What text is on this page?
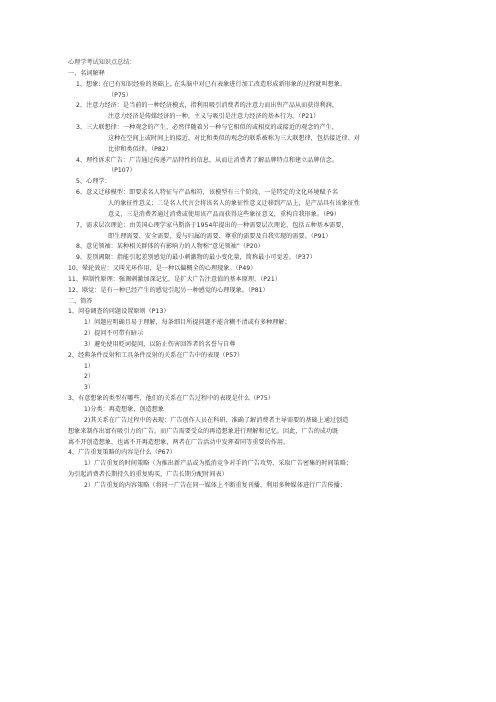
心理学考试知识点总结：
一、名词解释
1、想象: 在已有知识经验的基础上, 在头脑中对已有表象进行加工改造形成新形象的过程就叫想象。
（P75）
2、注意力经济：是当前的一种经济模式，指利用吸引消费者的注意力而出售产品从而获得利润，
注意力经济是传媒经济的一种，主义与吸引是注意力经济的基本行为。（P21）
3、三大联想律：一种观念的产生，必然伴随着另一种与它相似的或相反的或接近的观念的产生，
这种在空间上或时间上的接近、对比和类似的观念的联系被称为三大联想律，包括接近律、对
比律和类似律。（P82）
4、理性诉求广告：广告通过传递产品特性的信息，从而让消费者了解品牌特点和建立品牌信念。
（P107）
5、心理学：
6、意义迁移模型：即要求名人特征与产品相符，该模型有三个阶段，一是特定的文化环境赋予名
人的象征性意义；二是名人代言会将该名人的象征性意义迁移到产品上，是产品具有该象征性
意义，三是消费者通过消费或使用该产品而获得这些象征意义，重构自我形象。（P9）
7、需求层次理论：由美国心理学家马斯洛于1954年提出的一种需要层次理论，包括五种基本需要，
即生理需要、安全需要、爱与归属的需要、尊重的需要及自我实现的需要。（P91）
8、意见领袖：某种相关群体的有影响力的人物称“意见领袖”（P20）
9、差别阈限：指能引起差别感觉的最小刺激物的最小变化量，简称最小可觉差。（P37）
10、晕轮效应：又叫光环作用，是一种以偏概全的心理现象。（P49）
11、抑制性原理：强调刺激加深记忆，是扩大广告注意值的基本原理。（P21）
12、联觉：是有一种已经产生的感觉引起另一种感觉的心理现象。（P81）
二、简答
1、问卷调查的问题设置原则（P13）
1）问题应明确且易于理解，每条细目所提问题不能含糊不清或有多种理解；
2）提问不可带有暗示
3）避免使用贬词提问，以防止伤害回答者的名誉与自尊
2、经典条件反射和工具条件反射的关系在广告中的表现（P57）
1）
2）
3）
3、有意想象的类型有哪些，他们的关系在广告过程中的表现是什么（P75）
1)分类：再造想象、创造想象
2)其关系在广告过程中的表现：广告创作人员在科研、准确了解消费者主导需要的基础上通过创造
想象来制作出富有吸引力的广告，而广告需要受众的再造想象进行理解和记忆。因此，广告的成功既
离不开创造想象，也离不开再造想象，两者在广告活动中发挥着同等重要的作用。
4、广告重复策略的内容是什么（P67）
1）广告重复的时间策略（为推出新产品或为抵消竞争对手的广告攻势，采取广告密集的时间策略；
为引起消费者长期持久的重复购买，广告长期分配时间表）
2）广告重复的内容策略（将同一广告在同一媒体上不断重复刊播，利用多种媒体进行广告传播；
